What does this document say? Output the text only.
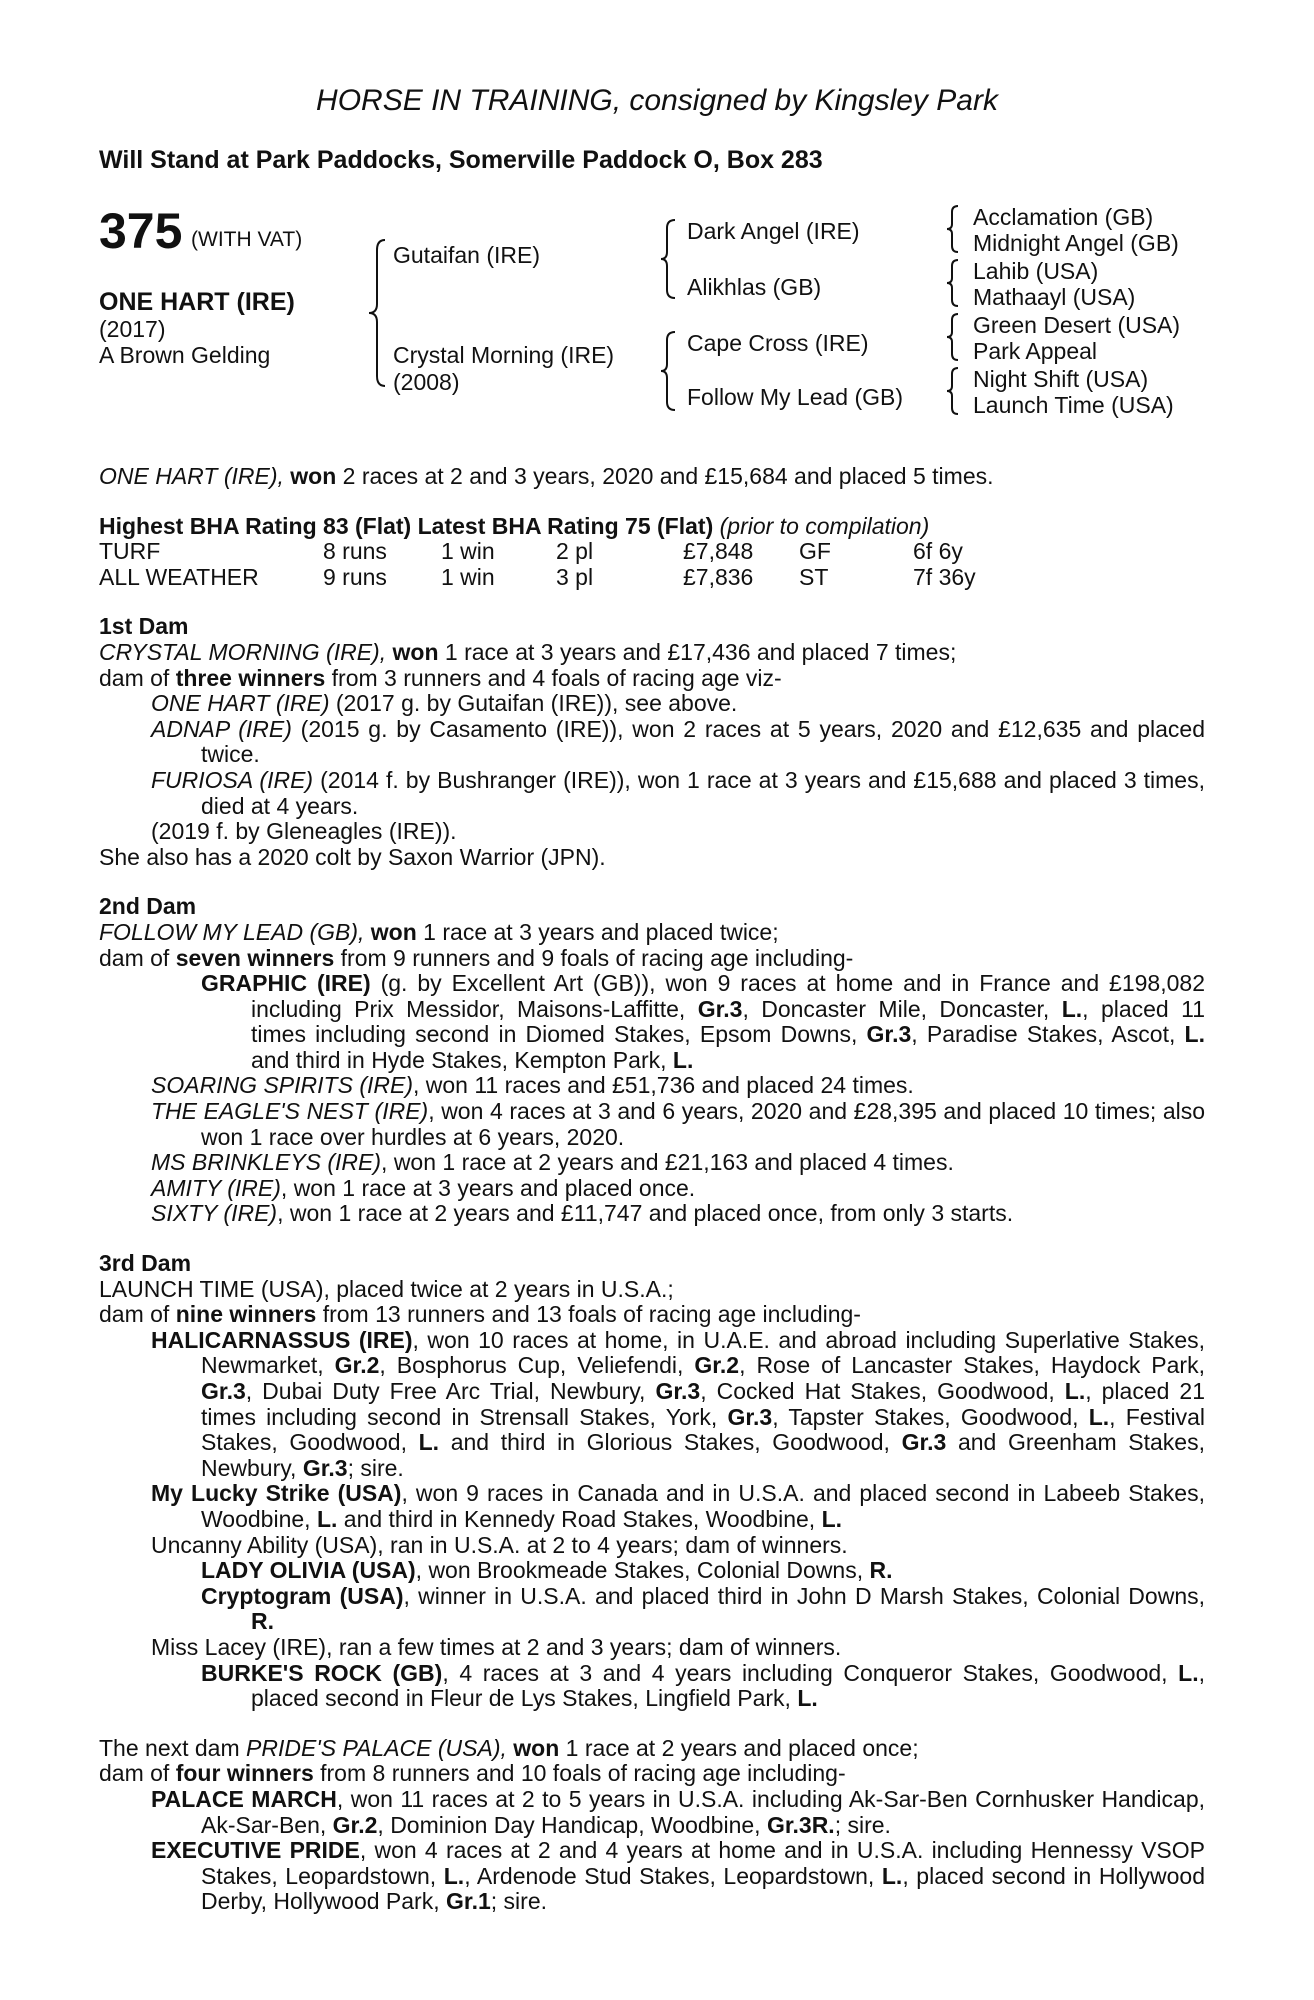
HORSE IN TRAINING, consigned by Kingsley Park
Will Stand at Park Paddocks, Somerville Paddock O, Box 283
375 (WITH VAT)
ONE HART (IRE)
(2017)
A Brown Gelding
Gutaifan (IRE)
Crystal Morning (IRE)
(2008)
Dark Angel (IRE)
Alikhlas (GB)
Cape Cross (IRE)
Follow My Lead (GB)
Acclamation (GB)
Midnight Angel (GB)
Lahib (USA)
Mathaayl (USA)
Green Desert (USA)
Park Appeal
Night Shift (USA)
Launch Time (USA)

ONE HART (IRE), won 2 races at 2 and 3 years, 2020 and £15,684 and placed 5 times.

Highest BHA Rating 83 (Flat) Latest BHA Rating 75 (Flat) (prior to compilation)

TURF	8 runs 1 win	2 pl	£7,848 GF	6f 6y
ALL WEATHER	9 runs 1 win	3 pl	£7,836 ST	7f 36y

1st Dam

CRYSTAL MORNING (IRE), won 1 race at 3 years and £17,436 and placed 7 times;

dam of three winners from 3 runners and 4 foals of racing age viz-

ONE HART (IRE) (2017 g. by Gutaifan (IRE)), see above.

ADNAP (IRE) (2015 g. by Casamento (IRE)), won 2 races at 5 years, 2020 and £12,635 and placed twice.

FURIOSA (IRE) (2014 f. by Bushranger (IRE)), won 1 race at 3 years and £15,688 and placed 3 times, died at 4 years.

(2019 f. by Gleneagles (IRE)).

She also has a 2020 colt by Saxon Warrior (JPN).

2nd Dam

FOLLOW MY LEAD (GB), won 1 race at 3 years and placed twice;

dam of seven winners from 9 runners and 9 foals of racing age including-

GRAPHIC (IRE) (g. by Excellent Art (GB)), won 9 races at home and in France and £198,082 including Prix Messidor, Maisons-Laffitte, Gr.3, Doncaster Mile, Doncaster, L., placed 11 times including second in Diomed Stakes, Epsom Downs, Gr.3, Paradise Stakes, Ascot, L. and third in Hyde Stakes, Kempton Park, L.

SOARING SPIRITS (IRE), won 11 races and £51,736 and placed 24 times.

THE EAGLE'S NEST (IRE), won 4 races at 3 and 6 years, 2020 and £28,395 and placed 10 times; also won 1 race over hurdles at 6 years, 2020.

MS BRINKLEYS (IRE), won 1 race at 2 years and £21,163 and placed 4 times.

AMITY (IRE), won 1 race at 3 years and placed once.

SIXTY (IRE), won 1 race at 2 years and £11,747 and placed once, from only 3 starts.

3rd Dam

LAUNCH TIME (USA), placed twice at 2 years in U.S.A.;

dam of nine winners from 13 runners and 13 foals of racing age including-

HALICARNASSUS (IRE), won 10 races at home, in U.A.E. and abroad including Superlative Stakes, Newmarket, Gr.2, Bosphorus Cup, Veliefendi, Gr.2, Rose of Lancaster Stakes, Haydock Park, Gr.3, Dubai Duty Free Arc Trial, Newbury, Gr.3, Cocked Hat Stakes, Goodwood, L., placed 21 times including second in Strensall Stakes, York, Gr.3, Tapster Stakes, Goodwood, L., Festival Stakes, Goodwood, L. and third in Glorious Stakes, Goodwood, Gr.3 and Greenham Stakes, Newbury, Gr.3; sire.

My Lucky Strike (USA), won 9 races in Canada and in U.S.A. and placed second in Labeeb Stakes, Woodbine, L. and third in Kennedy Road Stakes, Woodbine, L.

Uncanny Ability (USA), ran in U.S.A. at 2 to 4 years; dam of winners.

LADY OLIVIA (USA), won Brookmeade Stakes, Colonial Downs, R.

Cryptogram (USA), winner in U.S.A. and placed third in John D Marsh Stakes, Colonial Downs, R.

Miss Lacey (IRE), ran a few times at 2 and 3 years; dam of winners.

BURKE'S ROCK (GB), 4 races at 3 and 4 years including Conqueror Stakes, Goodwood, L., placed second in Fleur de Lys Stakes, Lingfield Park, L.

The next dam PRIDE'S PALACE (USA), won 1 race at 2 years and placed once;

dam of four winners from 8 runners and 10 foals of racing age including-

PALACE MARCH, won 11 races at 2 to 5 years in U.S.A. including Ak-Sar-Ben Cornhusker Handicap, Ak-Sar-Ben, Gr.2, Dominion Day Handicap, Woodbine, Gr.3R.; sire.

EXECUTIVE PRIDE, won 4 races at 2 and 4 years at home and in U.S.A. including Hennessy VSOP Stakes, Leopardstown, L., Ardenode Stud Stakes, Leopardstown, L., placed second in Hollywood Derby, Hollywood Park, Gr.1; sire.
